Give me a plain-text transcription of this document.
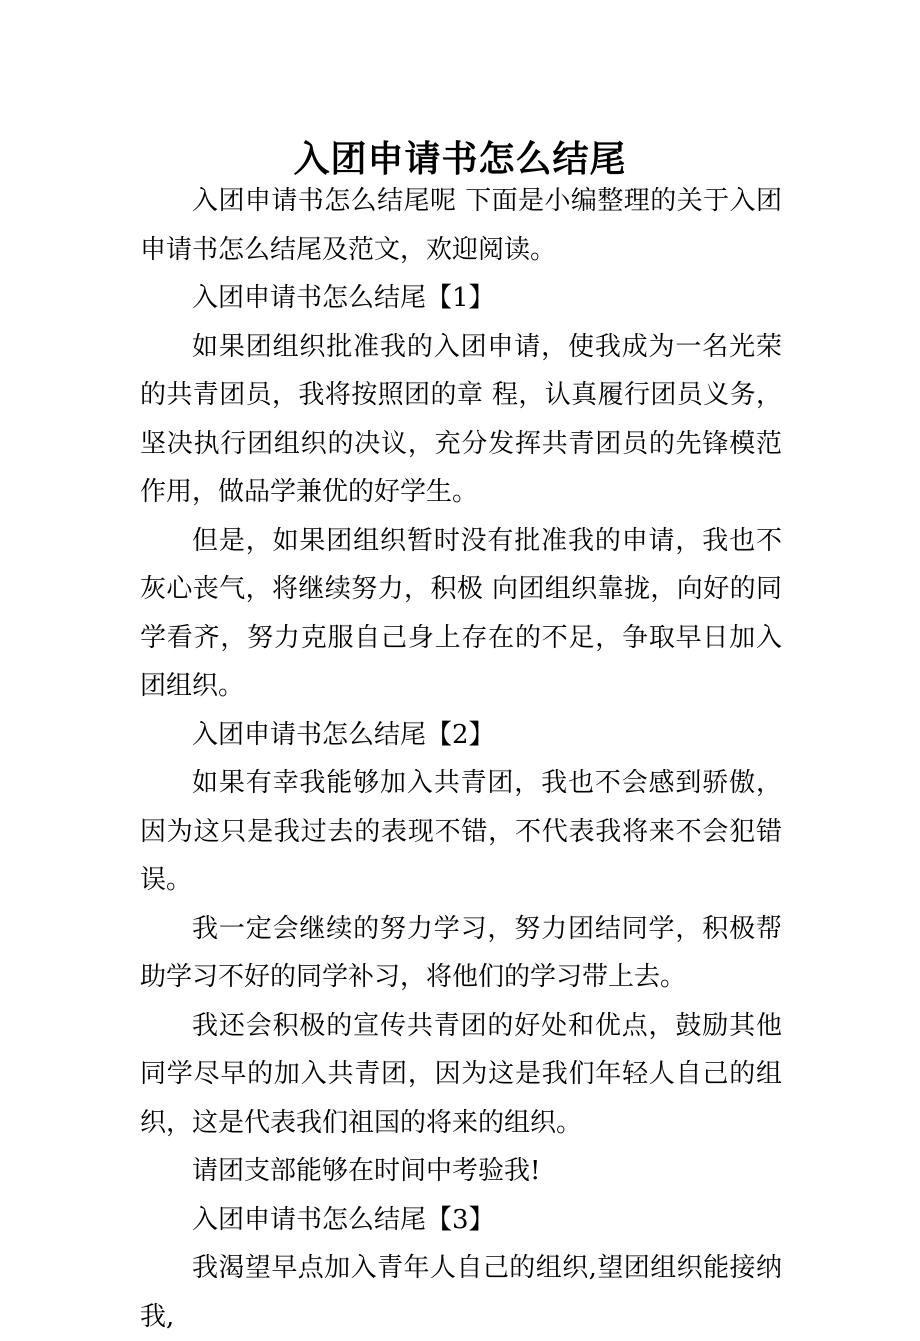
入团申请书怎么结尾

入团申请书怎么结尾呢 下面是小编整理的关于入团申请书怎么结尾及范文，欢迎阅读。

入团申请书怎么结尾【1】

如果团组织批准我的入团申请，使我成为一名光荣的共青团员，我将按照团的章 程，认真履行团员义务，坚决执行团组织的决议，充分发挥共青团员的先锋模范 作用，做品学兼优的好学生。

但是，如果团组织暂时没有批准我的申请，我也不灰心丧气，将继续努力，积极 向团组织靠拢，向好的同学看齐，努力克服自己身上存在的不足，争取早日加入 团组织。

入团申请书怎么结尾【2】

如果有幸我能够加入共青团，我也不会感到骄傲，因为这只是我过去的表现不错，不代表我将来不会犯错误。

我一定会继续的努力学习，努力团结同学，积极帮助学习不好的同学补习，将他们的学习带上去。

我还会积极的宣传共青团的好处和优点，鼓励其他同学尽早的加入共青团，因为这是我们年轻人自己的组织，这是代表我们祖国的将来的组织。

请团支部能够在时间中考验我!

入团申请书怎么结尾【3】

我渴望早点加入青年人自己的组织,望团组织能接纳我,
